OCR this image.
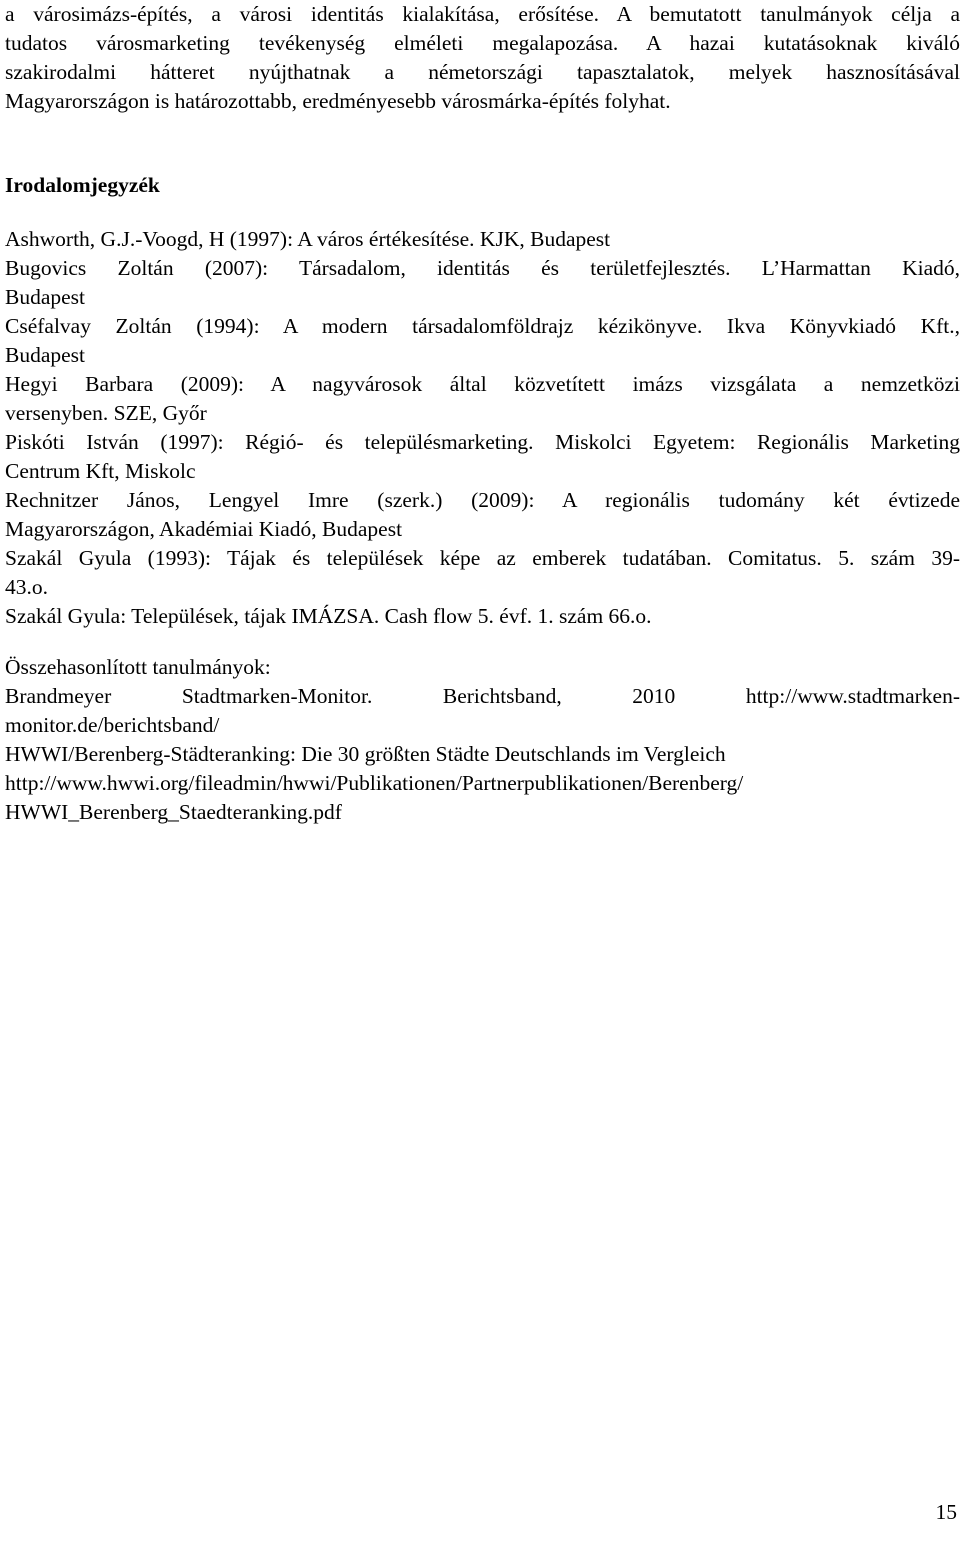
a városimázs-építés, a városi identitás kialakítása, erősítése. A bemutatott tanulmányok célja a
tudatos városmarketing tevékenység elméleti megalapozása. A hazai kutatásoknak kiváló
szakirodalmi hátteret nyújthatnak a németországi tapasztalatok, melyek hasznosításával
Magyarországon is határozottabb, eredményesebb városmárka-építés folyhat.
Irodalomjegyzék
Ashworth, G.J.-Voogd, H (1997): A város értékesítése. KJK, Budapest
Bugovics Zoltán (2007): Társadalom, identitás és területfejlesztés. L’Harmattan Kiadó,
Budapest
Cséfalvay Zoltán (1994): A modern társadalomföldrajz kézikönyve. Ikva Könyvkiadó Kft.,
Budapest
Hegyi Barbara (2009): A nagyvárosok által közvetített imázs vizsgálata a nemzetközi
versenyben. SZE, Győr
Piskóti István (1997): Régió- és településmarketing. Miskolci Egyetem: Regionális Marketing
Centrum Kft, Miskolc
Rechnitzer János, Lengyel Imre (szerk.) (2009): A regionális tudomány két évtizede
Magyarországon, Akadémiai Kiadó, Budapest
Szakál Gyula (1993): Tájak és települések képe az emberek tudatában. Comitatus. 5. szám 39-
43.o.
Szakál Gyula: Települések, tájak IMÁZSA. Cash flow 5. évf. 1. szám 66.o.
Összehasonlított tanulmányok:
Brandmeyer Stadtmarken-Monitor. Berichtsband, 2010 http://www.stadtmarken-
monitor.de/berichtsband/
HWWI/Berenberg-Städteranking: Die 30 größten Städte Deutschlands im Vergleich
http://www.hwwi.org/fileadmin/hwwi/Publikationen/Partnerpublikationen/Berenberg/
HWWI_Berenberg_Staedteranking.pdf
15
